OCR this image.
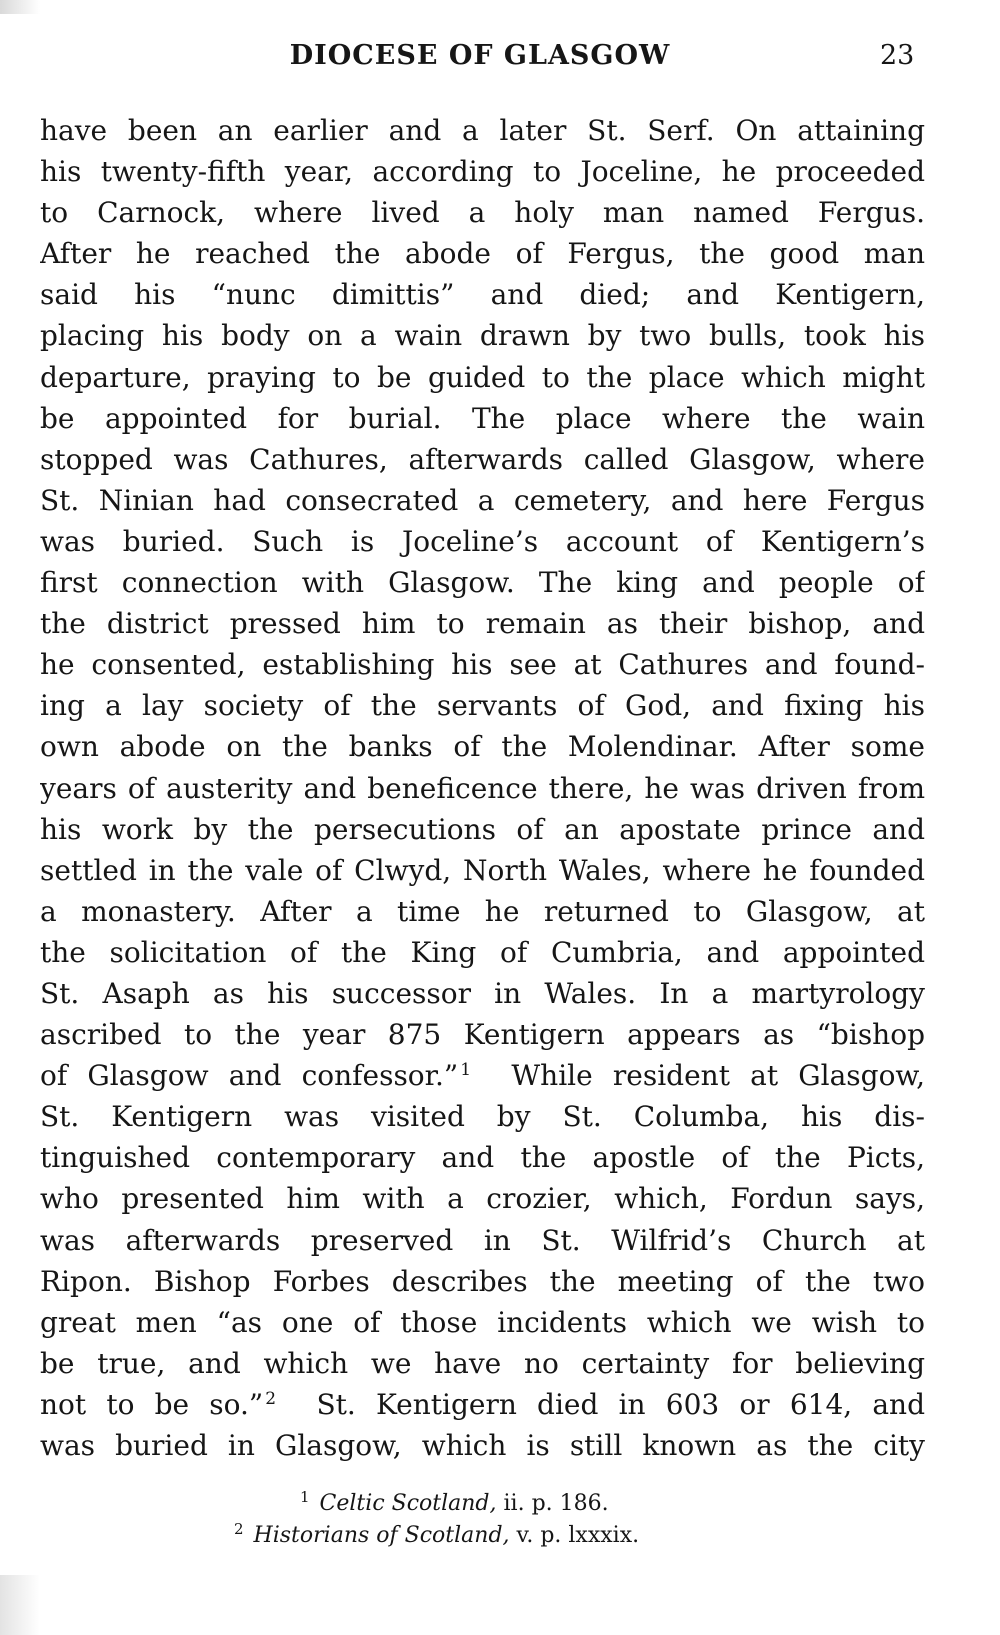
DIOCESE OF GLASGOW	23
have been an earlier and a later St. Serf. On attaining
his twenty-fifth year, according to Joceline, he proceeded
to Carnock, where lived a holy man named Fergus.
After he reached the abode of Fergus, the good man
said his “nunc dimittis” and died; and Kentigern,
placing his body on a wain drawn by two bulls, took his
departure, praying to be guided to the place which might
be appointed for burial. The place where the wain
stopped was Cathures, afterwards called Glasgow, where
St. Ninian had consecrated a cemetery, and here Fergus
was buried. Such is Joceline’s account of Kentigern’s
first connection with Glasgow. The king and people of
the district pressed him to remain as their bishop, and
he consented, establishing his see at Cathures and found-
ing a lay society of the servants of God, and fixing his
own abode on the banks of the Molendinar. After some
years of austerity and beneficence there, he was driven from
his work by the persecutions of an apostate prince and
settled in the vale of Clwyd, North Wales, where he founded
a monastery. After a time he returned to Glasgow, at
the solicitation of the King of Cumbria, and appointed
St. Asaph as his successor in Wales. In a martyrology
ascribed to the year 875 Kentigern appears as “bishop
of Glasgow and confessor.” $^1$ While resident at Glasgow,
St. Kentigern was visited by St. Columba, his dis-
tinguished contemporary and the apostle of the Picts,
who presented him with a crozier, which, Fordun says,
was afterwards preserved in St. Wilfrid’s Church at
Ripon. Bishop Forbes describes the meeting of the two
great men “as one of those incidents which we wish to
be true, and which we have no certainty for believing
not to be so.” $^2$ St. Kentigern died in 603 or 614, and
was buried in Glasgow, which is still known as the city
$^1$ Celtic Scotland, ii. p. 186.
$^2$ Historians of Scotland, v. p. lxxxix.
